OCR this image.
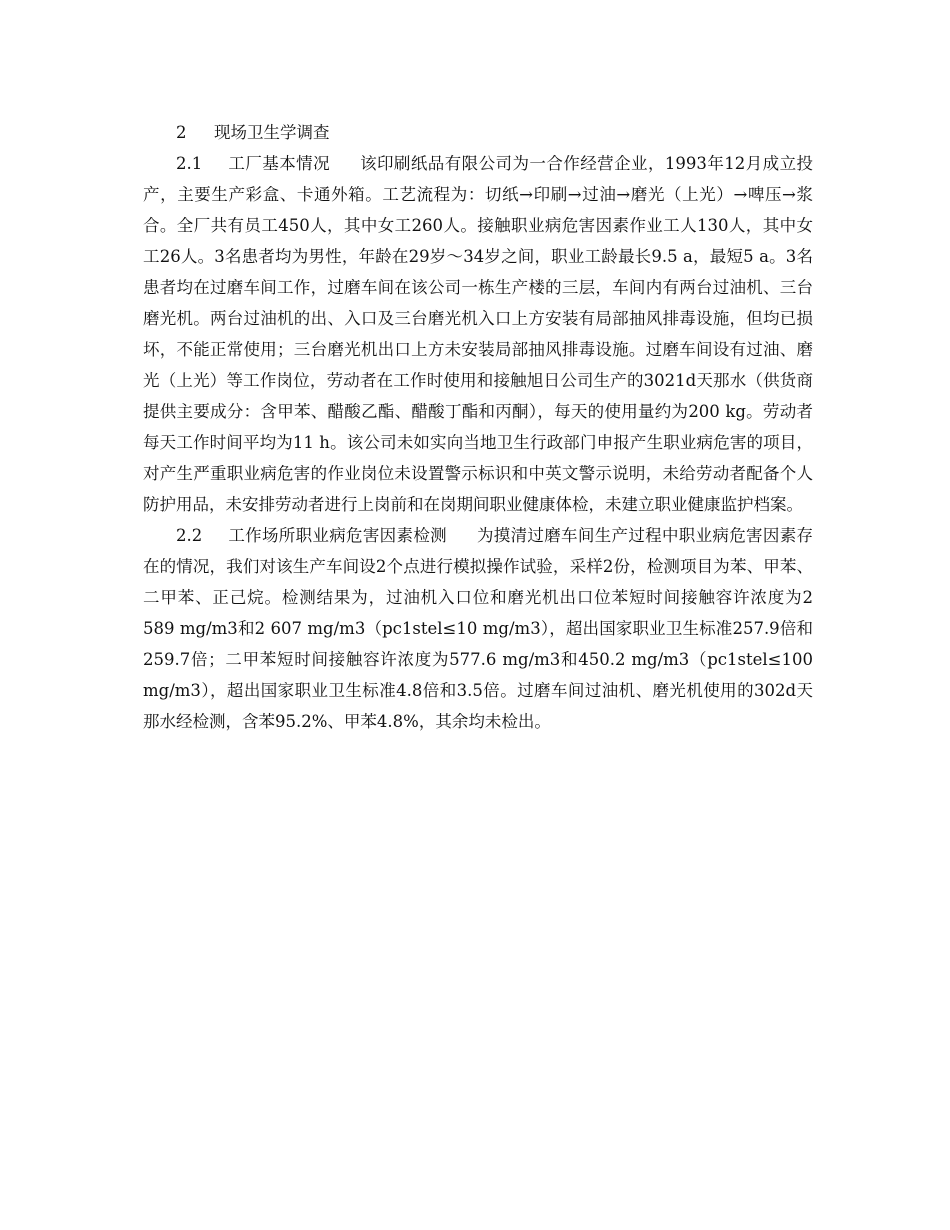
2 现场卫生学调查

2.1 工厂基本情况 该印刷纸品有限公司为一合作经营企业，1993年12月成立投产，主要生产彩盒、卡通外箱。工艺流程为：切纸→印刷→过油→磨光（上光）→啤压→浆合。全厂共有员工450人，其中女工260人。接触职业病危害因素作业工人130人，其中女工26人。3名患者均为男性，年龄在29岁～34岁之间，职业工龄最长9.5 a，最短5 a。3名患者均在过磨车间工作，过磨车间在该公司一栋生产楼的三层，车间内有两台过油机、三台磨光机。两台过油机的出、入口及三台磨光机入口上方安装有局部抽风排毒设施，但均已损坏，不能正常使用；三台磨光机出口上方未安装局部抽风排毒设施。过磨车间设有过油、磨光（上光）等工作岗位，劳动者在工作时使用和接触旭日公司生产的3021d天那水（供货商提供主要成分：含甲苯、醋酸乙酯、醋酸丁酯和丙酮），每天的使用量约为200 kg。劳动者每天工作时间平均为11 h。该公司未如实向当地卫生行政部门申报产生职业病危害的项目，对产生严重职业病危害的作业岗位未设置警示标识和中英文警示说明，未给劳动者配备个人防护用品，未安排劳动者进行上岗前和在岗期间职业健康体检，未建立职业健康监护档案。

2.2 工作场所职业病危害因素检测 为摸清过磨车间生产过程中职业病危害因素存在的情况，我们对该生产车间设2个点进行模拟操作试验，采样2份，检测项目为苯、甲苯、二甲苯、正己烷。检测结果为，过油机入口位和磨光机出口位苯短时间接触容许浓度为2 589 mg/m3和2 607 mg/m3（pc1stel≤10 mg/m3），超出国家职业卫生标准257.9倍和259.7倍；二甲苯短时间接触容许浓度为577.6 mg/m3和450.2 mg/m3（pc1stel≤100 mg/m3），超出国家职业卫生标准4.8倍和3.5倍。过磨车间过油机、磨光机使用的302d天那水经检测，含苯95.2%、甲苯4.8%，其余均未检出。
